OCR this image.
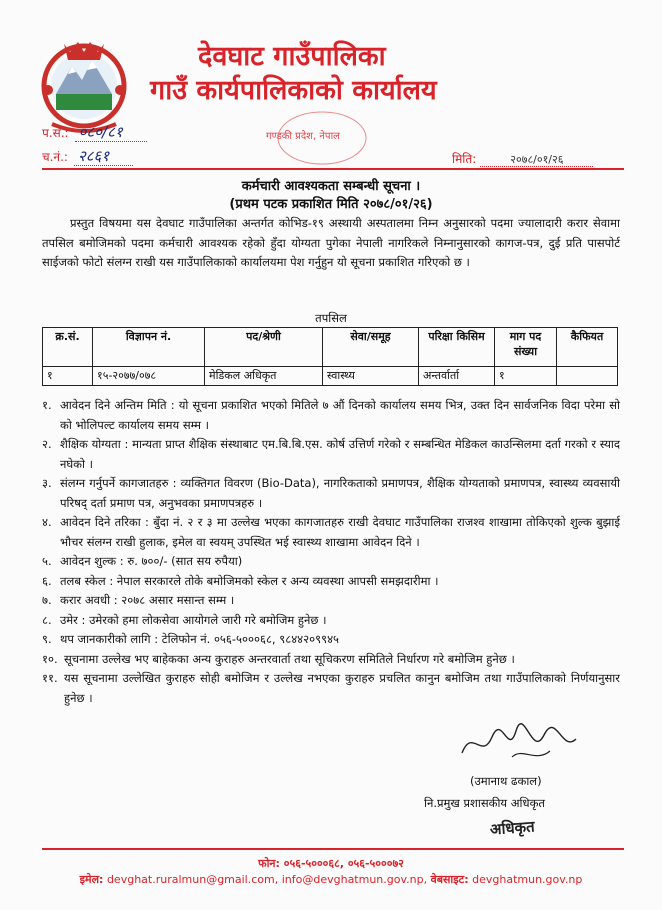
देवघाट गाउँपालिका
गाउँ कार्यपालिकाको कार्यालय
गण्डकी प्रदेश, नेपाल
प.सं.: ०८०/८१
च.नं.: २८६१	मिति:	२०७८/०१/२६
कर्मचारी आवश्यकता सम्बन्धी सूचना ।
(प्रथम पटक प्रकाशित मिति २०७८/०१/२६)
प्रस्तुत विषयमा यस देवघाट गाउँपालिका अन्तर्गत कोभिड-१९ अस्थायी अस्पतालमा निम्न अनुसारको पदमा ज्यालादारी करार सेवामा तपसिल बमोजिमको पदमा कर्मचारी आवश्यक रहेको हुँदा योग्यता पुगेका नेपाली नागरिकले निम्नानुसारको कागज-पत्र, दुई प्रति पासपोर्ट साईजको फोटो संलग्न राखी यस गाउँपालिकाको कार्यालयमा पेश गर्नुहुन यो सूचना प्रकाशित गरिएको छ ।
तपसिल
क्र.सं.	विज्ञापन नं.	पद/श्रेणी	सेवा/समूह	परिक्षा किसिम	माग पद संख्या	कैफियत
१	१५-२०७७/०७८	मेडिकल अधिकृत	स्वास्थ्य	अन्तर्वार्ता	१	
१. आवेदन दिने अन्तिम मिति : यो सूचना प्रकाशित भएको मितिले ७ औं दिनको कार्यालय समय भित्र, उक्त दिन सार्वजनिक विदा परेमा सो को भोलिपल्ट कार्यालय समय सम्म ।
२. शैक्षिक योग्यता : मान्यता प्राप्त शैक्षिक संस्थाबाट एम.बि.बि.एस. कोर्ष उत्तिर्ण गरेको र सम्बन्धित मेडिकल काउन्सिलमा दर्ता गरको र स्याद नघेको ।
३. संलग्न गर्नुपर्ने कागजातहरु : व्यक्तिगत विवरण (Bio-Data), नागरिकताको प्रमाणपत्र, शैक्षिक योग्यताको प्रमाणपत्र, स्वास्थ्य व्यवसायी परिषद् दर्ता प्रमाण पत्र, अनुभवका प्रमाणपत्रहरु ।
४. आवेदन दिने तरिका : बुँदा नं. २ र ३ मा उल्लेख भएका कागजातहरु राखी देवघाट गाउँपालिका राजश्व शाखामा तोकिएको शुल्क बुझाई भौचर संलग्न राखी हुलाक, इमेल वा स्वयम् उपस्थित भई स्वास्थ्य शाखामा आवेदन दिने ।
५. आवेदन शुल्क : रु. ७००/- (सात सय रुपैया)
६. तलब स्केल : नेपाल सरकारले तोके बमोजिमको स्केल र अन्य व्यवस्था आपसी समझदारीमा ।
७. करार अवधी : २०७८ असार मसान्त सम्म ।
८. उमेर : उमेरको हमा लोकसेवा आयोगले जारी गरे बमोजिम हुनेछ ।
९. थप जानकारीको लागि : टेलिफोन नं. ०५६-५०००६८, ९८४४२०९९४५
१०. सूचनामा उल्लेख भए बाहेकका अन्य कुराहरु अन्तरवार्ता तथा सूचिकरण समितिले निर्धारण गरे बमोजिम हुनेछ ।
११. यस सूचनामा उल्लेखित कुराहरु सोही बमोजिम र उल्लेख नभएका कुराहरु प्रचलित कानुन बमोजिम तथा गाउँपालिकाको निर्णयानुसार हुनेछ ।
(उमानाथ ढकाल)
नि.प्रमुख प्रशासकीय अधिकृत
अधिकृत
फोन: ०५६-५०००६८, ०५६-५०००७२
इमेल: devghat.ruralmun@gmail.com, info@devghatmun.gov.np, वेबसाइट: devghatmun.gov.np
